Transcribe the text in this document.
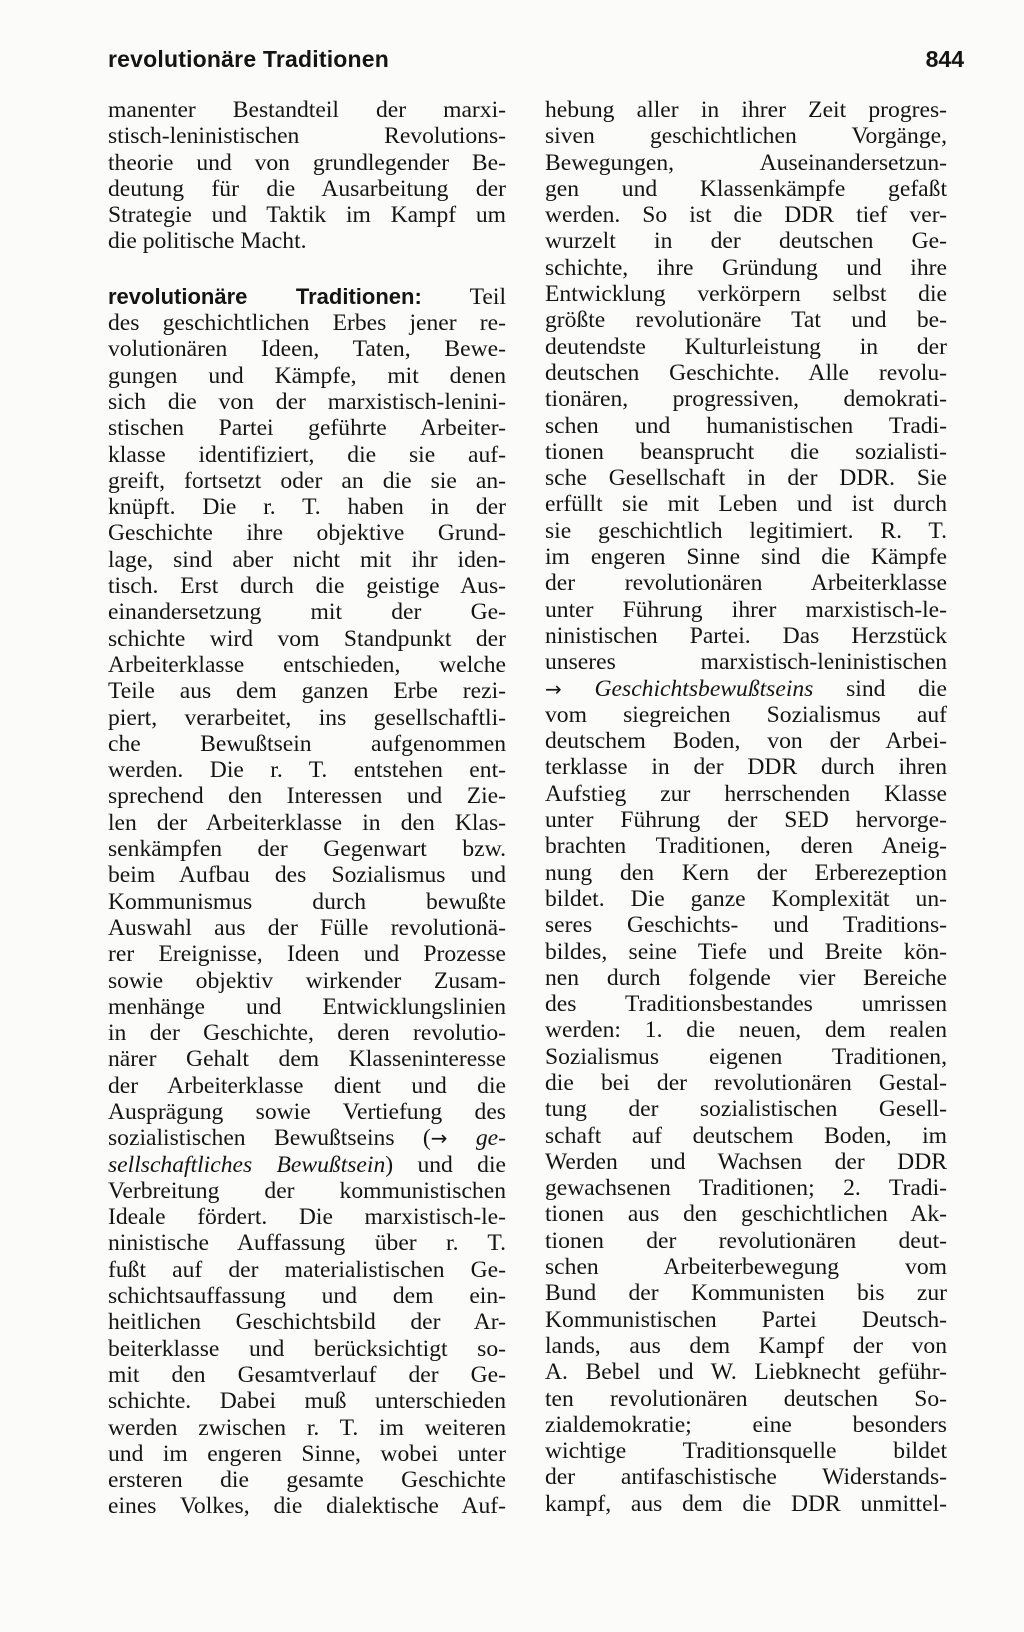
revolutionäre Traditionen	844
manenter Bestandteil der marxi-
stisch-leninistischen Revolutions-
theorie und von grundlegender Be-
deutung für die Ausarbeitung der
Strategie und Taktik im Kampf um
die politische Macht.
revolutionäre Traditionen: Teil
des geschichtlichen Erbes jener re-
volutionären Ideen, Taten, Bewe-
gungen und Kämpfe, mit denen
sich die von der marxistisch-lenini-
stischen Partei geführte Arbeiter-
klasse identifiziert, die sie auf-
greift, fortsetzt oder an die sie an-
knüpft. Die r. T. haben in der
Geschichte ihre objektive Grund-
lage, sind aber nicht mit ihr iden-
tisch. Erst durch die geistige Aus-
einandersetzung mit der Ge-
schichte wird vom Standpunkt der
Arbeiterklasse entschieden, welche
Teile aus dem ganzen Erbe rezi-
piert, verarbeitet, ins gesellschaftli-
che Bewußtsein aufgenommen
werden. Die r. T. entstehen ent-
sprechend den Interessen und Zie-
len der Arbeiterklasse in den Klas-
senkämpfen der Gegenwart bzw.
beim Aufbau des Sozialismus und
Kommunismus durch bewußte
Auswahl aus der Fülle revolutionä-
rer Ereignisse, Ideen und Prozesse
sowie objektiv wirkender Zusam-
menhänge und Entwicklungslinien
in der Geschichte, deren revolutio-
närer Gehalt dem Klasseninteresse
der Arbeiterklasse dient und die
Ausprägung sowie Vertiefung des
sozialistischen Bewußtseins (→ ge-
sellschaftliches Bewußtsein) und die
Verbreitung der kommunistischen
Ideale fördert. Die marxistisch-le-
ninistische Auffassung über r. T.
fußt auf der materialistischen Ge-
schichtsauffassung und dem ein-
heitlichen Geschichtsbild der Ar-
beiterklasse und berücksichtigt so-
mit den Gesamtverlauf der Ge-
schichte. Dabei muß unterschieden
werden zwischen r. T. im weiteren
und im engeren Sinne, wobei unter
ersteren die gesamte Geschichte
eines Volkes, die dialektische Auf-
hebung aller in ihrer Zeit progres-
siven geschichtlichen Vorgänge,
Bewegungen, Auseinandersetzun-
gen und Klassenkämpfe gefaßt
werden. So ist die DDR tief ver-
wurzelt in der deutschen Ge-
schichte, ihre Gründung und ihre
Entwicklung verkörpern selbst die
größte revolutionäre Tat und be-
deutendste Kulturleistung in der
deutschen Geschichte. Alle revolu-
tionären, progressiven, demokrati-
schen und humanistischen Tradi-
tionen beansprucht die sozialisti-
sche Gesellschaft in der DDR. Sie
erfüllt sie mit Leben und ist durch
sie geschichtlich legitimiert. R. T.
im engeren Sinne sind die Kämpfe
der revolutionären Arbeiterklasse
unter Führung ihrer marxistisch-le-
ninistischen Partei. Das Herzstück
unseres marxistisch-leninistischen
→ Geschichtsbewußtseins sind die
vom siegreichen Sozialismus auf
deutschem Boden, von der Arbei-
terklasse in der DDR durch ihren
Aufstieg zur herrschenden Klasse
unter Führung der SED hervorge-
brachten Traditionen, deren Aneig-
nung den Kern der Erberezeption
bildet. Die ganze Komplexität un-
seres Geschichts- und Traditions-
bildes, seine Tiefe und Breite kön-
nen durch folgende vier Bereiche
des Traditionsbestandes umrissen
werden: 1. die neuen, dem realen
Sozialismus eigenen Traditionen,
die bei der revolutionären Gestal-
tung der sozialistischen Gesell-
schaft auf deutschem Boden, im
Werden und Wachsen der DDR
gewachsenen Traditionen; 2. Tradi-
tionen aus den geschichtlichen Ak-
tionen der revolutionären deut-
schen Arbeiterbewegung vom
Bund der Kommunisten bis zur
Kommunistischen Partei Deutsch-
lands, aus dem Kampf der von
A. Bebel und W. Liebknecht geführ-
ten revolutionären deutschen So-
zialdemokratie; eine besonders
wichtige Traditionsquelle bildet
der antifaschistische Widerstands-
kampf, aus dem die DDR unmittel-
